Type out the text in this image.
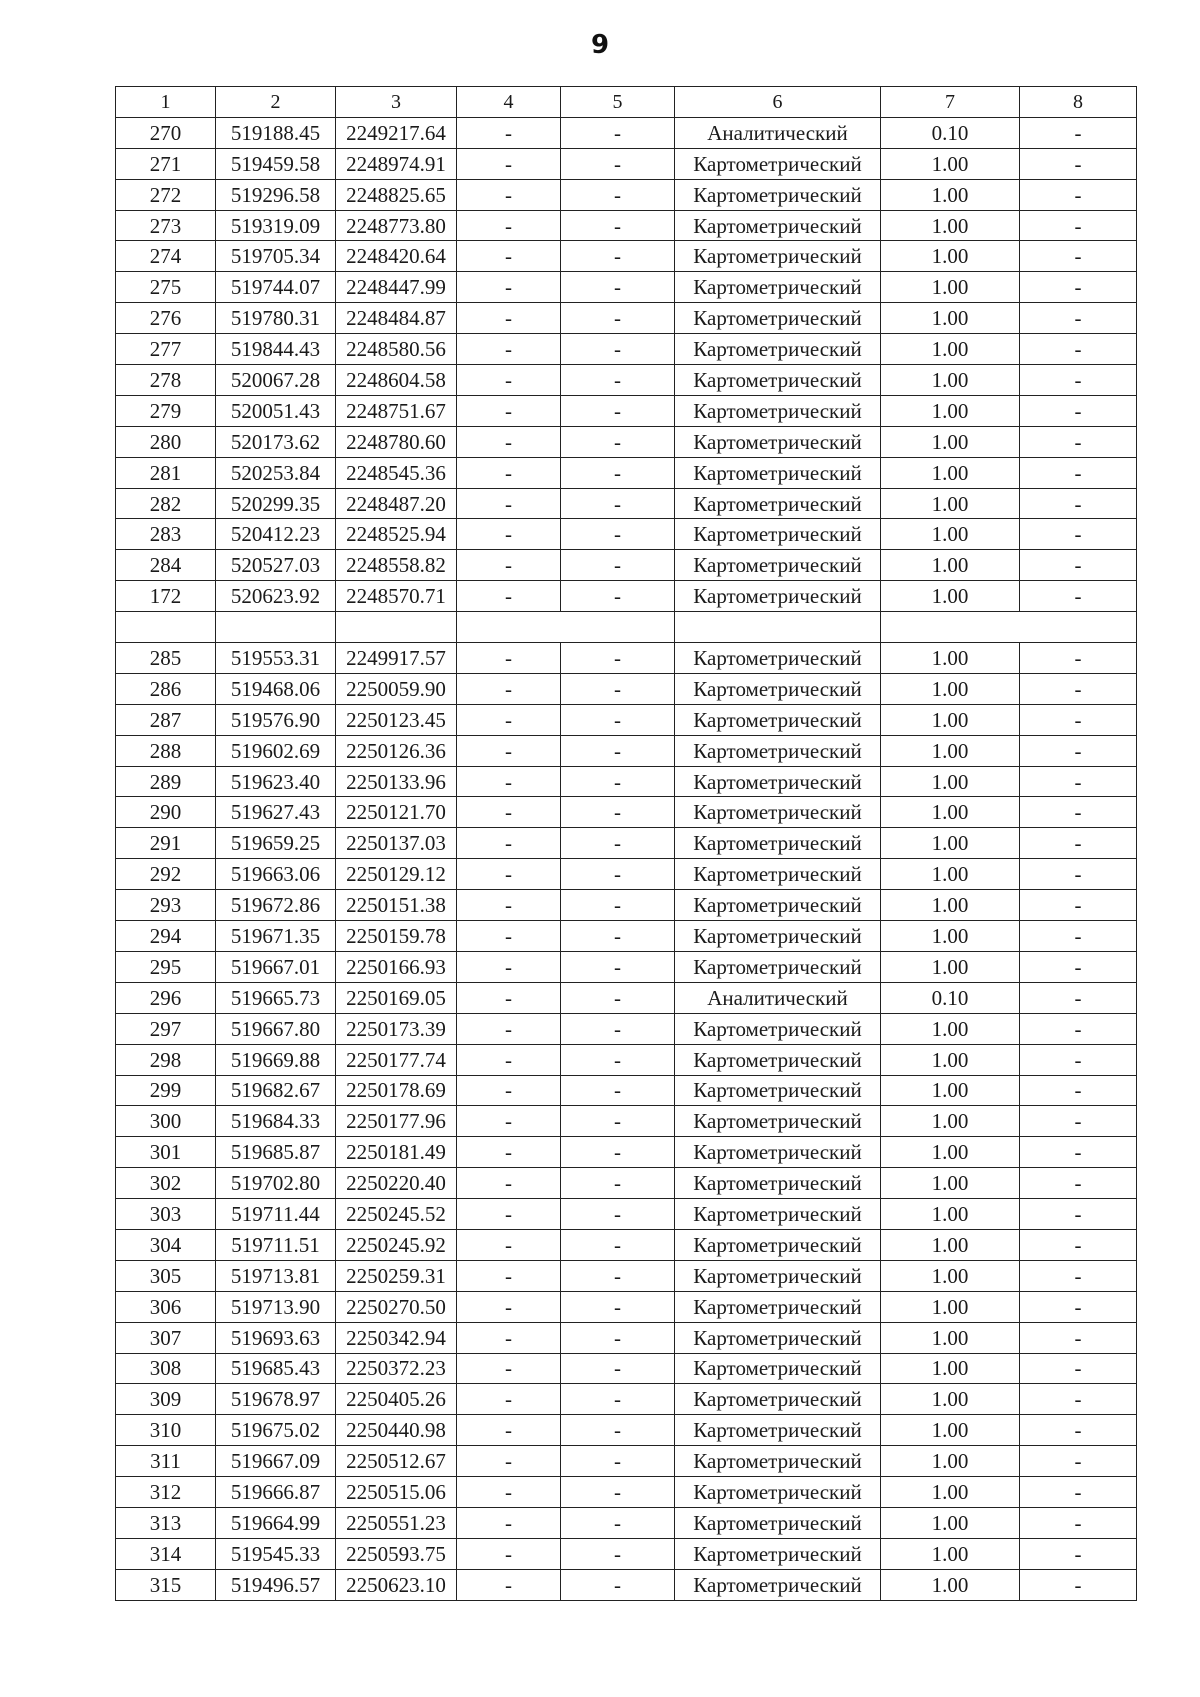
9
1	2	3	4	5	6	7	8
270	519188.45	2249217.64	-	-	Аналитический	0.10	-
271	519459.58	2248974.91	-	-	Картометрический	1.00	-
272	519296.58	2248825.65	-	-	Картометрический	1.00	-
273	519319.09	2248773.80	-	-	Картометрический	1.00	-
274	519705.34	2248420.64	-	-	Картометрический	1.00	-
275	519744.07	2248447.99	-	-	Картометрический	1.00	-
276	519780.31	2248484.87	-	-	Картометрический	1.00	-
277	519844.43	2248580.56	-	-	Картометрический	1.00	-
278	520067.28	2248604.58	-	-	Картометрический	1.00	-
279	520051.43	2248751.67	-	-	Картометрический	1.00	-
280	520173.62	2248780.60	-	-	Картометрический	1.00	-
281	520253.84	2248545.36	-	-	Картометрический	1.00	-
282	520299.35	2248487.20	-	-	Картометрический	1.00	-
283	520412.23	2248525.94	-	-	Картометрический	1.00	-
284	520527.03	2248558.82	-	-	Картометрический	1.00	-
172	520623.92	2248570.71	-	-	Картометрический	1.00	-

285	519553.31	2249917.57	-	-	Картометрический	1.00	-
286	519468.06	2250059.90	-	-	Картометрический	1.00	-
287	519576.90	2250123.45	-	-	Картометрический	1.00	-
288	519602.69	2250126.36	-	-	Картометрический	1.00	-
289	519623.40	2250133.96	-	-	Картометрический	1.00	-
290	519627.43	2250121.70	-	-	Картометрический	1.00	-
291	519659.25	2250137.03	-	-	Картометрический	1.00	-
292	519663.06	2250129.12	-	-	Картометрический	1.00	-
293	519672.86	2250151.38	-	-	Картометрический	1.00	-
294	519671.35	2250159.78	-	-	Картометрический	1.00	-
295	519667.01	2250166.93	-	-	Картометрический	1.00	-
296	519665.73	2250169.05	-	-	Аналитический	0.10	-
297	519667.80	2250173.39	-	-	Картометрический	1.00	-
298	519669.88	2250177.74	-	-	Картометрический	1.00	-
299	519682.67	2250178.69	-	-	Картометрический	1.00	-
300	519684.33	2250177.96	-	-	Картометрический	1.00	-
301	519685.87	2250181.49	-	-	Картометрический	1.00	-
302	519702.80	2250220.40	-	-	Картометрический	1.00	-
303	519711.44	2250245.52	-	-	Картометрический	1.00	-
304	519711.51	2250245.92	-	-	Картометрический	1.00	-
305	519713.81	2250259.31	-	-	Картометрический	1.00	-
306	519713.90	2250270.50	-	-	Картометрический	1.00	-
307	519693.63	2250342.94	-	-	Картометрический	1.00	-
308	519685.43	2250372.23	-	-	Картометрический	1.00	-
309	519678.97	2250405.26	-	-	Картометрический	1.00	-
310	519675.02	2250440.98	-	-	Картометрический	1.00	-
311	519667.09	2250512.67	-	-	Картометрический	1.00	-
312	519666.87	2250515.06	-	-	Картометрический	1.00	-
313	519664.99	2250551.23	-	-	Картометрический	1.00	-
314	519545.33	2250593.75	-	-	Картометрический	1.00	-
315	519496.57	2250623.10	-	-	Картометрический	1.00	-
